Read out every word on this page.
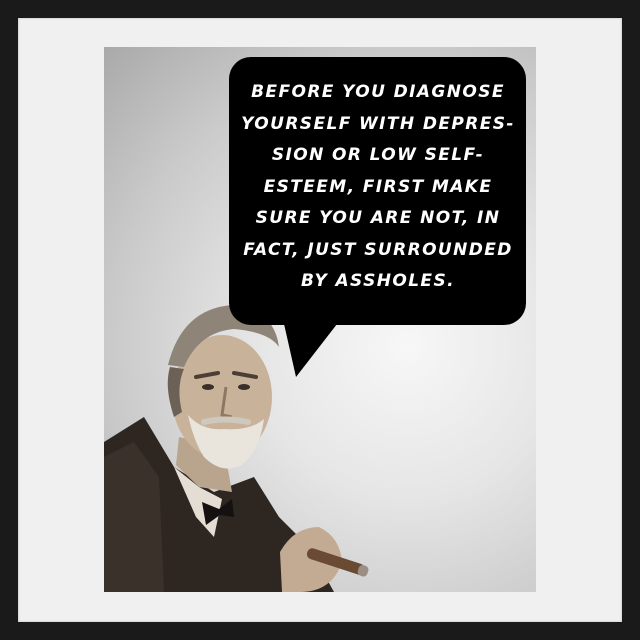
BEFORE YOU DIAGNOSE
YOURSELF WITH DEPRES-
SION OR LOW SELF-
ESTEEM, FIRST MAKE
SURE YOU ARE NOT, IN
FACT, JUST SURROUNDED
BY ASSHOLES.
